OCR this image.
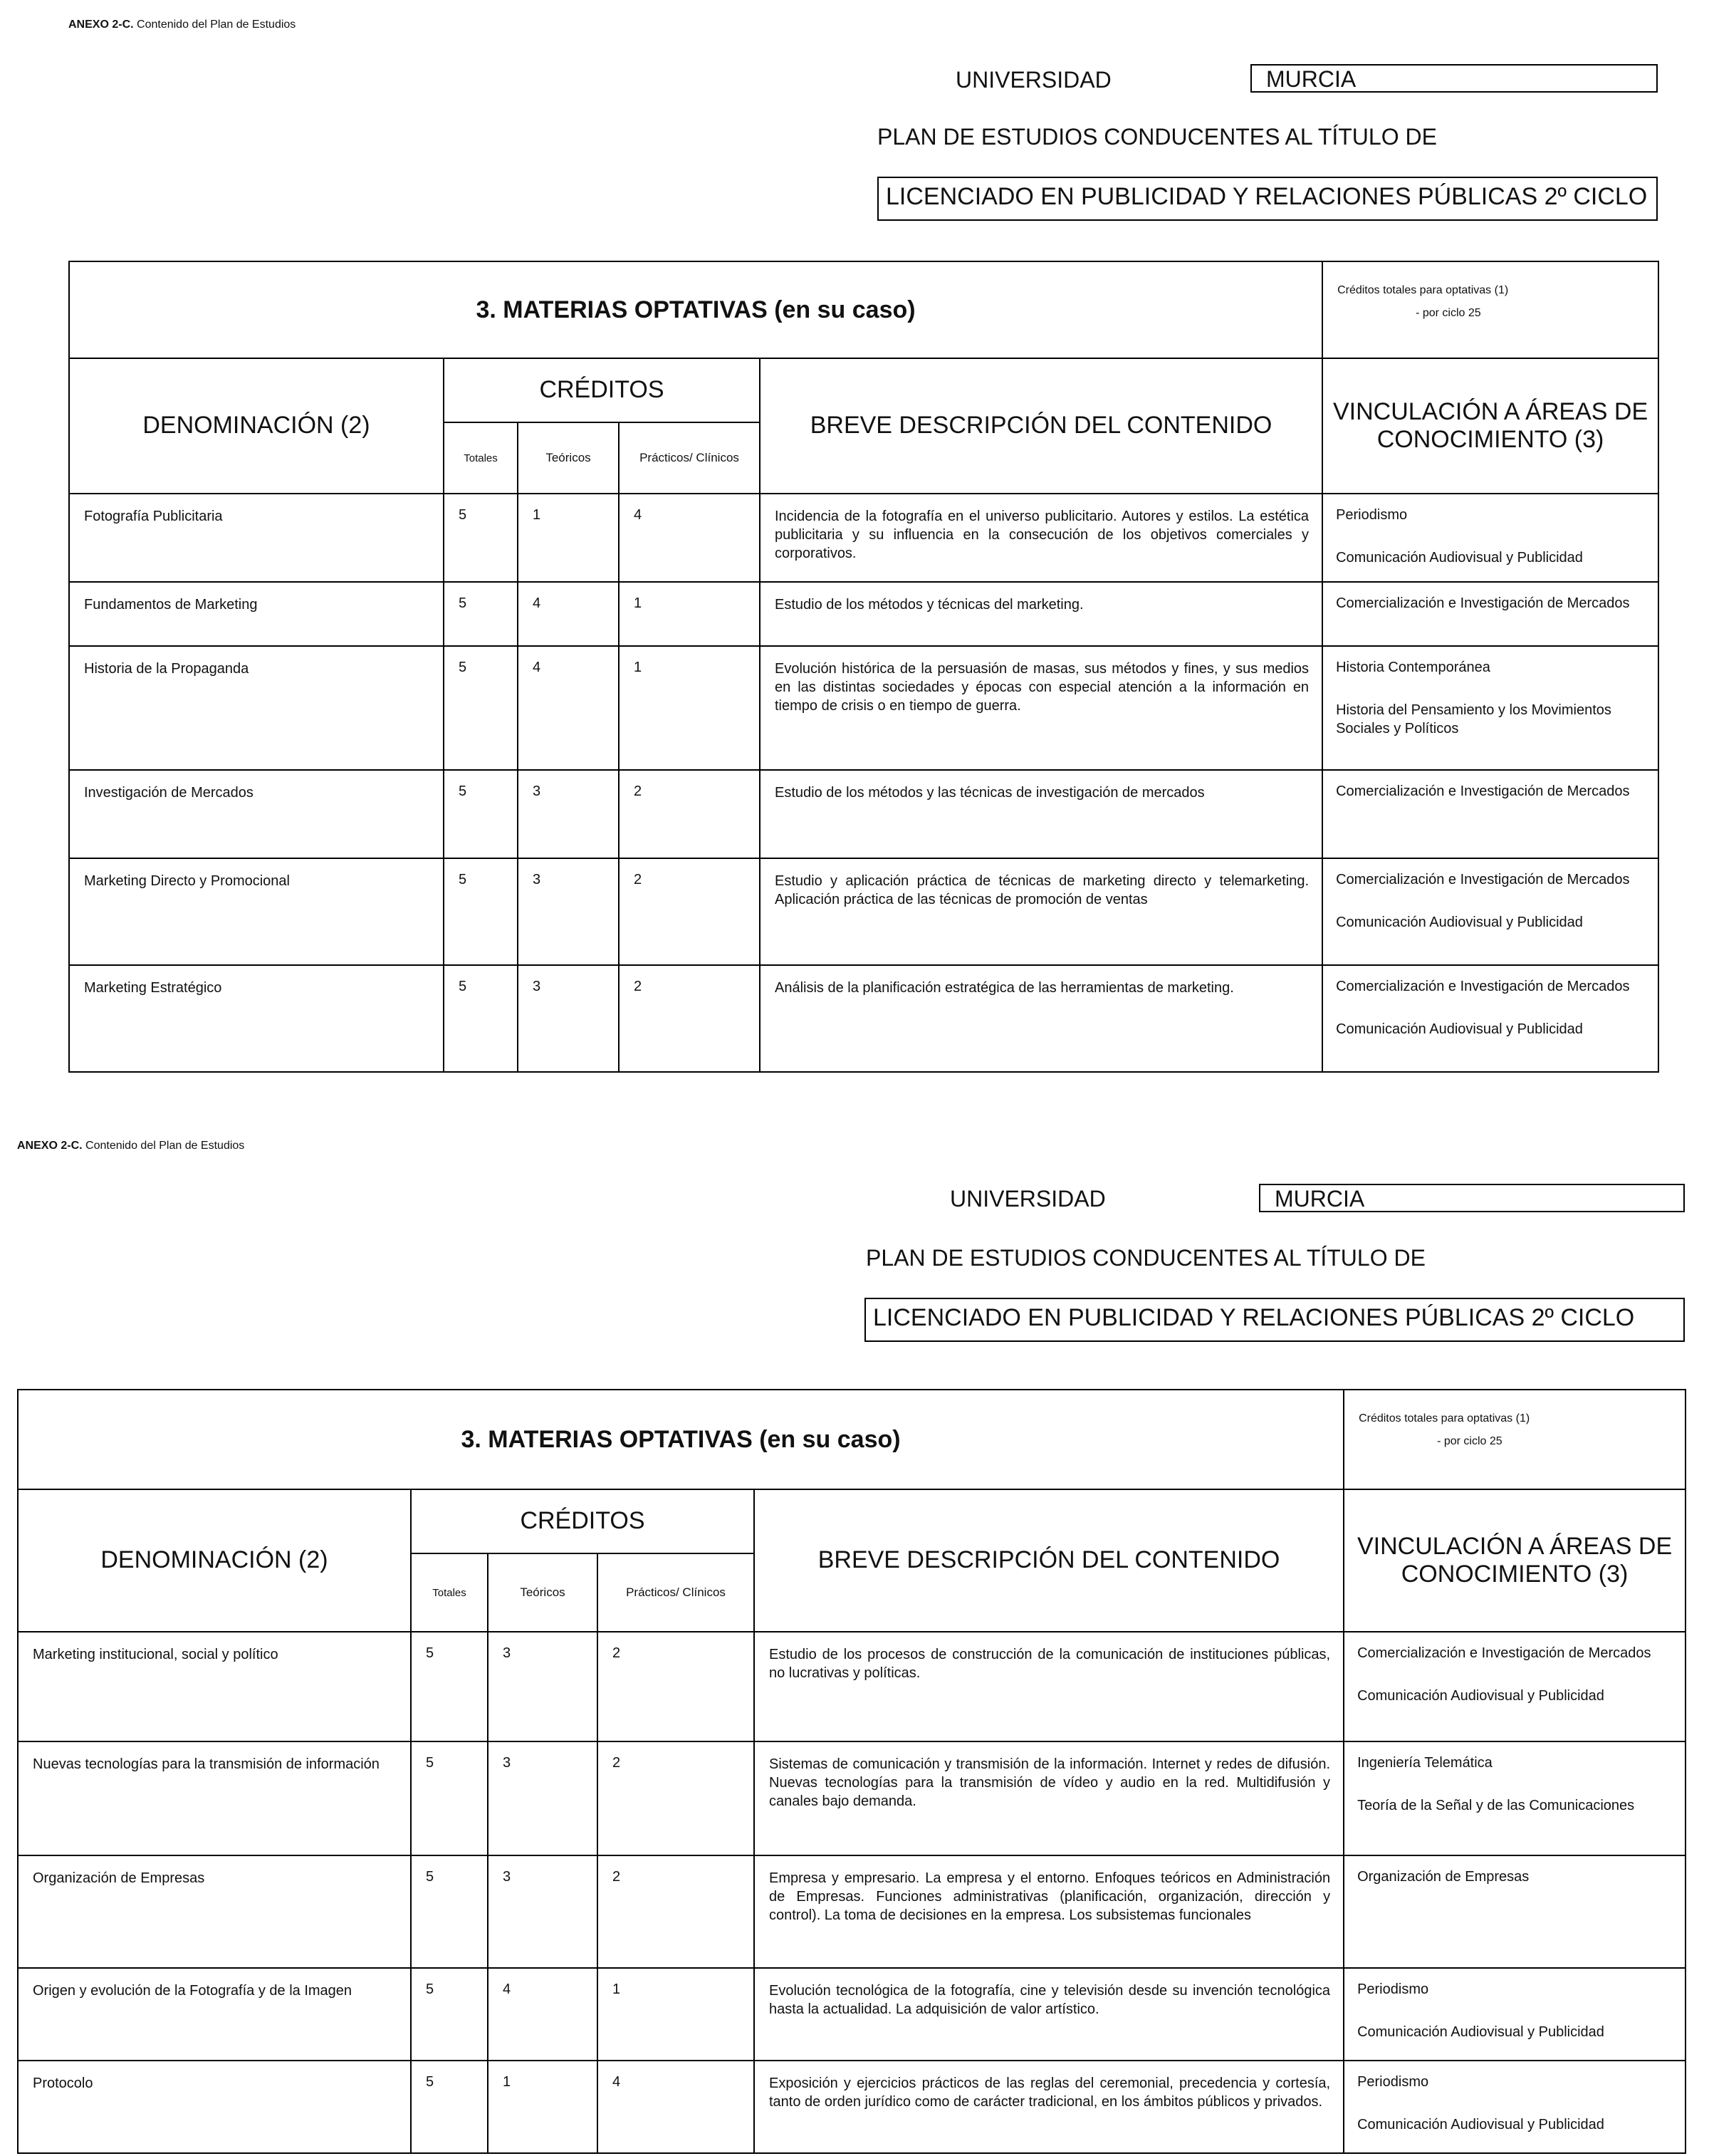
ANEXO 2-C. Contenido del Plan de Estudios
UNIVERSIDAD	MURCIA
PLAN DE ESTUDIOS CONDUCENTES AL TÍTULO DE
LICENCIADO EN PUBLICIDAD Y RELACIONES PÚBLICAS 2º CICLO
3. MATERIAS OPTATIVAS (en su caso)					Créditos totales para optativas (1)
- por ciclo 25	

DENOMINACIÓN (2)	CRÉDITOS			BREVE DESCRIPCIÓN DEL CONTENIDO	VINCULACIÓN A ÁREAS DE CONOCIMIENTO (3)	
	Totales	Teóricos	Prácticos/ Clínicos			
Fotografía Publicitaria	5	1	4	Incidencia de la fotografía en el universo publicitario. Autores y estilos. La estética publicitaria y su influencia en la consecución de los objetivos comerciales y corporativos.	Periodismo
Comunicación Audiovisual y Publicidad	

Fundamentos de Marketing	5	4	1	Estudio de los métodos y técnicas del marketing.	Comercialización e Investigación de Mercados	

Historia de la Propaganda	5	4	1	Evolución histórica de la persuasión de masas, sus métodos y fines, y sus medios en las distintas sociedades y épocas con especial atención a la información en tiempo de crisis o en tiempo de guerra.	Historia Contemporánea
Historia del Pensamiento y los Movimientos Sociales y Políticos	

Investigación de Mercados	5	3	2	Estudio de los métodos y las técnicas de investigación de mercados	Comercialización e Investigación de Mercados	

Marketing Directo y Promocional	5	3	2	Estudio y aplicación práctica de técnicas de marketing directo y telemarketing. Aplicación práctica de las técnicas de promoción de ventas	Comercialización e Investigación de Mercados
Comunicación Audiovisual y Publicidad	

Marketing Estratégico	5	3	2	Análisis de la planificación estratégica de las herramientas de marketing.	Comercialización e Investigación de Mercados
Comunicación Audiovisual y Publicidad	
ANEXO 2-C. Contenido del Plan de Estudios
UNIVERSIDAD	MURCIA
PLAN DE ESTUDIOS CONDUCENTES AL TÍTULO DE
LICENCIADO EN PUBLICIDAD Y RELACIONES PÚBLICAS 2º CICLO
3. MATERIAS OPTATIVAS (en su caso)					Créditos totales para optativas (1)
- por ciclo 25	

DENOMINACIÓN (2)	CRÉDITOS			BREVE DESCRIPCIÓN DEL CONTENIDO	VINCULACIÓN A ÁREAS DE CONOCIMIENTO (3)	
	Totales	Teóricos	Prácticos/ Clínicos			
Marketing institucional, social y político	5	3	2	Estudio de los procesos de construcción de la comunicación de instituciones públicas, no lucrativas y políticas.	Comercialización e Investigación de Mercados
Comunicación Audiovisual y Publicidad	

Nuevas tecnologías para la transmisión de información	5	3	2	Sistemas de comunicación y transmisión de la información. Internet y redes de difusión. Nuevas tecnologías para la transmisión de vídeo y audio en la red. Multidifusión y canales bajo demanda.	Ingeniería Telemática
Teoría de la Señal y de las Comunicaciones	

Organización de Empresas	5	3	2	Empresa y empresario. La empresa y el entorno. Enfoques teóricos en Administración de Empresas. Funciones administrativas (planificación, organización, dirección y control). La toma de decisiones en la empresa. Los subsistemas funcionales	Organización de Empresas	

Origen y evolución de la Fotografía y de la Imagen	5	4	1	Evolución tecnológica de la fotografía, cine y televisión desde su invención tecnológica hasta la actualidad. La adquisición de valor artístico.	Periodismo
Comunicación Audiovisual y Publicidad	

Protocolo	5	1	4	Exposición y ejercicios prácticos de las reglas del ceremonial, precedencia y cortesía, tanto de orden jurídico como de carácter tradicional, en los ámbitos públicos y privados.	Periodismo
Comunicación Audiovisual y Publicidad	
